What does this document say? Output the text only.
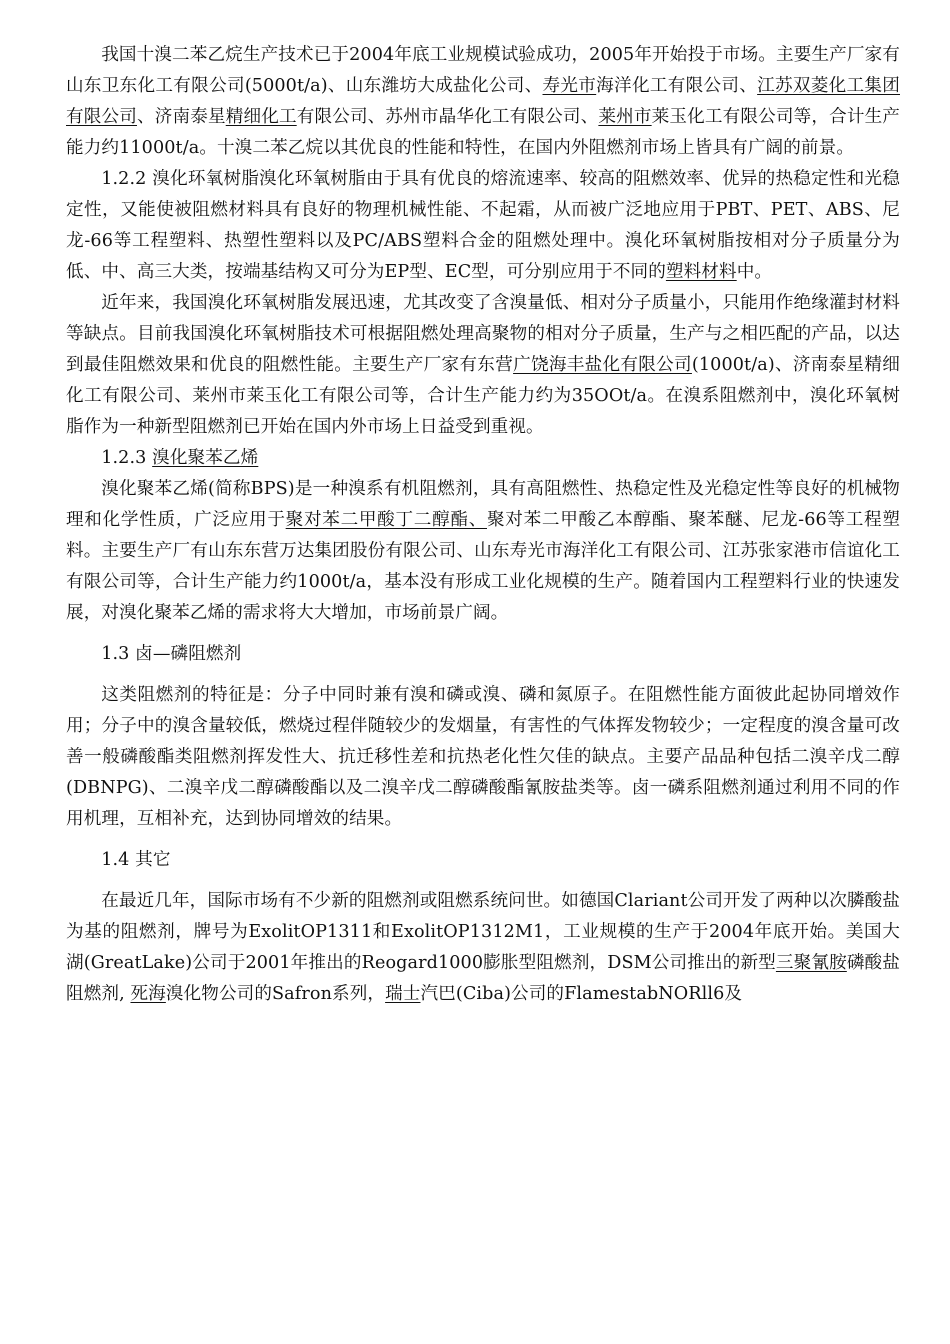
我国十溴二苯乙烷生产技术已于2004年底工业规模试验成功，2005年开始投于市场。主要生产厂家有山东卫东化工有限公司(5000t/a)、山东潍坊大成盐化公司、寿光市海洋化工有限公司、江苏双菱化工集团有限公司、济南泰星精细化工有限公司、苏州市晶华化工有限公司、莱州市莱玉化工有限公司等，合计生产能力约11000t/a。十溴二苯乙烷以其优良的性能和特性，在国内外阻燃剂市场上皆具有广阔的前景。

1.2.2 溴化环氧树脂溴化环氧树脂由于具有优良的熔流速率、较高的阻燃效率、优异的热稳定性和光稳定性，又能使被阻燃材料具有良好的物理机械性能、不起霜，从而被广泛地应用于PBT、PET、ABS、尼龙-66等工程塑料、热塑性塑料以及PC/ABS塑料合金的阻燃处理中。溴化环氧树脂按相对分子质量分为低、中、高三大类，按端基结构又可分为EP型、EC型，可分别应用于不同的塑料材料中。

近年来，我国溴化环氧树脂发展迅速，尤其改变了含溴量低、相对分子质量小，只能用作绝缘灌封材料等缺点。目前我国溴化环氧树脂技术可根据阻燃处理高聚物的相对分子质量，生产与之相匹配的产品，以达到最佳阻燃效果和优良的阻燃性能。主要生产厂家有东营广饶海丰盐化有限公司(1000t/a)、济南泰星精细化工有限公司、莱州市莱玉化工有限公司等，合计生产能力约为35OOt/a。在溴系阻燃剂中，溴化环氧树脂作为一种新型阻燃剂已开始在国内外市场上日益受到重视。

1.2.3 溴化聚苯乙烯

溴化聚苯乙烯(简称BPS)是一种溴系有机阻燃剂，具有高阻燃性、热稳定性及光稳定性等良好的机械物理和化学性质，广泛应用于聚对苯二甲酸丁二醇酯、聚对苯二甲酸乙本醇酯、聚苯醚、尼龙-66等工程塑料。主要生产厂有山东东营万达集团股份有限公司、山东寿光市海洋化工有限公司、江苏张家港市信谊化工有限公司等，合计生产能力约1000t/a，基本没有形成工业化规模的生产。随着国内工程塑料行业的快速发展，对溴化聚苯乙烯的需求将大大增加，市场前景广阔。

1.3 卤—磷阻燃剂

这类阻燃剂的特征是：分子中同时兼有溴和磷或溴、磷和氮原子。在阻燃性能方面彼此起协同增效作用；分子中的溴含量较低，燃烧过程伴随较少的发烟量，有害性的气体挥发物较少；一定程度的溴含量可改善一般磷酸酯类阻燃剂挥发性大、抗迁移性差和抗热老化性欠佳的缺点。主要产品品种包括二溴辛戊二醇(DBNPG)、二溴辛戊二醇磷酸酯以及二溴辛戊二醇磷酸酯氰胺盐类等。卤一磷系阻燃剂通过利用不同的作用机理，互相补充，达到协同增效的结果。

1.4 其它

在最近几年，国际市场有不少新的阻燃剂或阻燃系统问世。如德国Clariant公司开发了两种以次膦酸盐为基的阻燃剂，牌号为ExolitOP1311和ExolitOP1312M1，工业规模的生产于2004年底开始。美国大湖(GreatLake)公司于2001年推出的Reogard1000膨胀型阻燃剂，DSM公司推出的新型三聚氰胺磷酸盐阻燃剂, 死海溴化物公司的Safron系列，瑞士汽巴(Ciba)公司的FlamestabNORll6及
